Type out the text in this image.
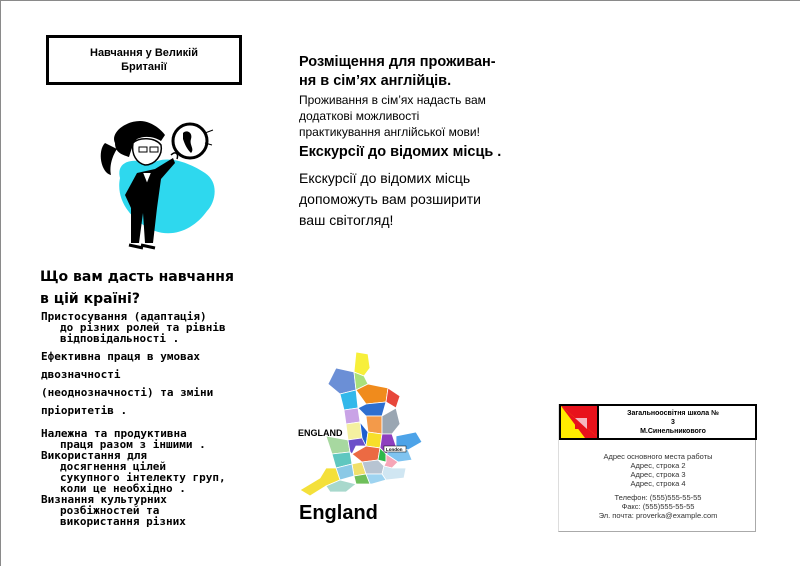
Навчання у Великій
Британії
Що вам дасть навчання
в цій країні?
Пристосування (адаптація)
до різних ролей та рівнів
відповідальності .
Ефективна праця в умовах
двозначності
(неоднозначності) та зміни
пріоритетів .
Належна та продуктивна
праця разом з іншими .
Використання для
досягнення цілей
сукупного інтелекту груп,
коли це необхідно .
Визнання культурних
розбіжностей та
використання різних
Розміщення для проживан-
ня в сім’ях англійців.
Проживання в сім’ях надасть вам
додаткові можливості
практикування англійської мови!
Екскурсії до відомих місць .
Екскурсії до відомих місць
допоможуть вам розширити
ваш світогляд!
London
ENGLAND
England
Загальноосвітня школа №
3
М.Синельникового
Адрес основного места работы
Адрес, строка 2
Адрес, строка 3
Адрес, строка 4
Телефон: (555)555-55-55
Факс: (555)555-55-55
Эл. почта: proverka@example.com
